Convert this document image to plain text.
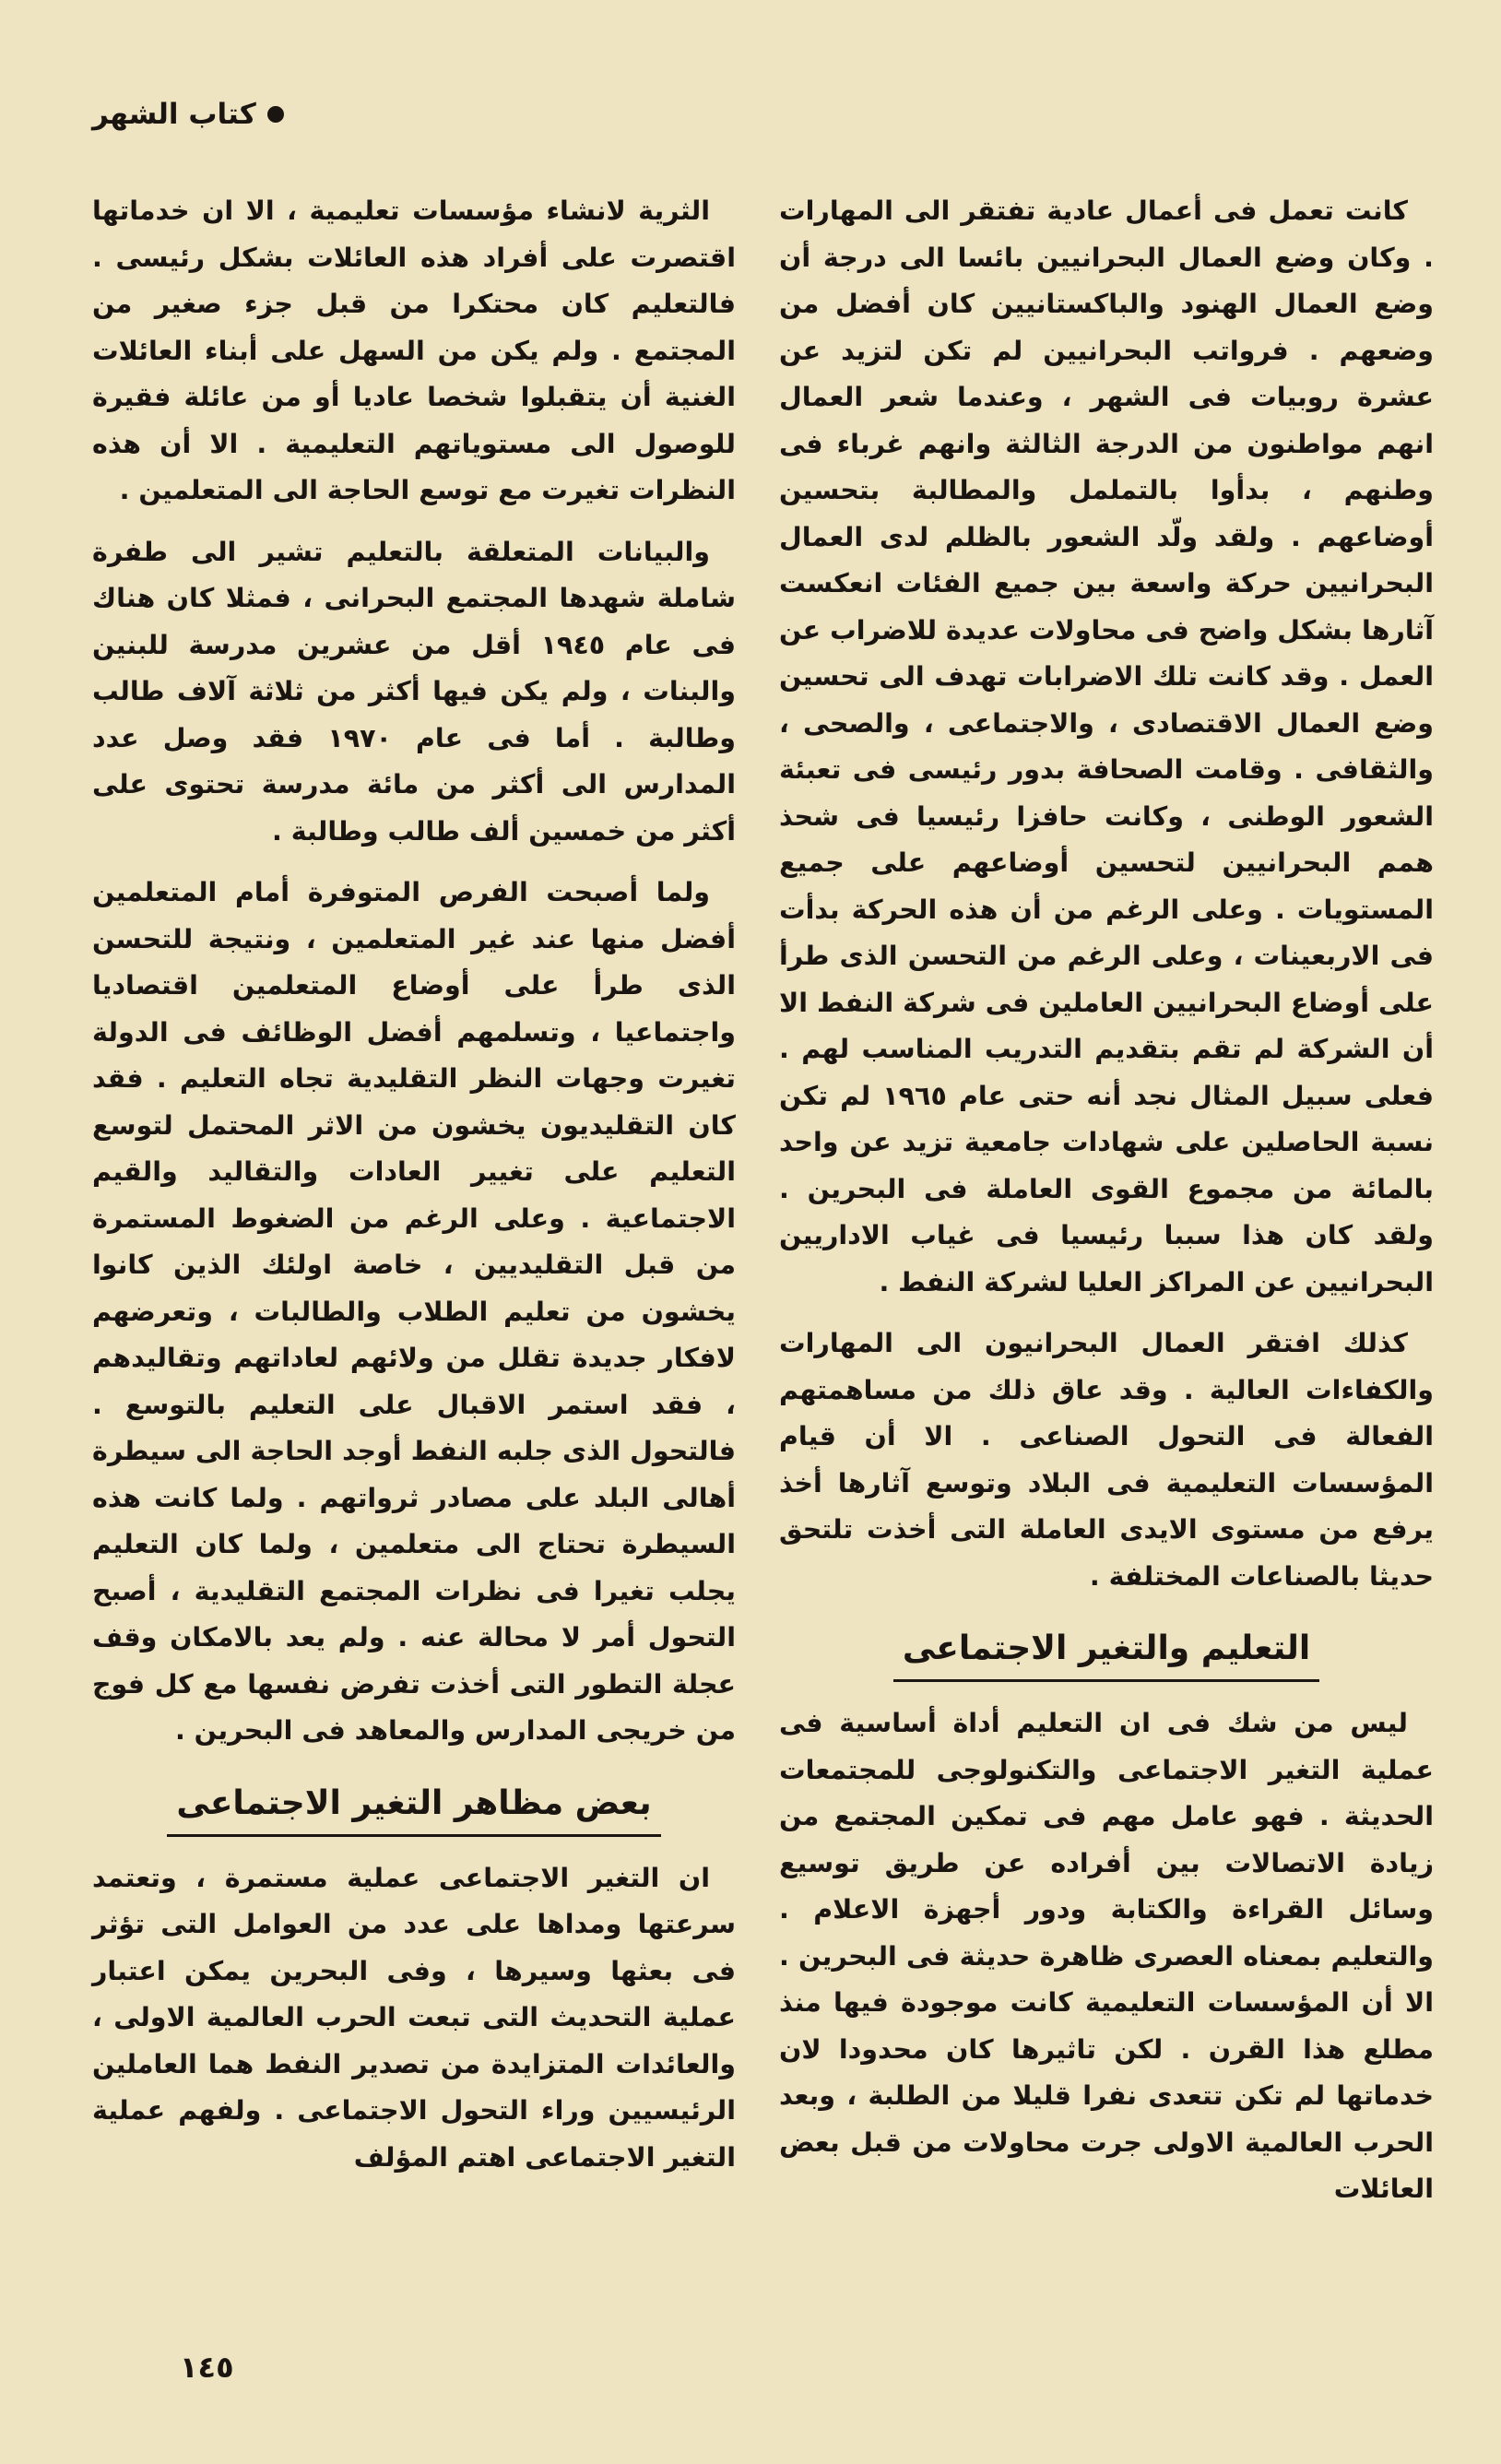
كتاب الشهر

كانت تعمل فى أعمال عادية تفتقر الى المهارات . وكان وضع العمال البحرانيين بائسا الى درجة أن وضع العمال الهنود والباكستانيين كان أفضل من وضعهم . فرواتب البحرانيين لم تكن لتزيد عن عشرة روبيات فى الشهر ، وعندما شعر العمال انهم مواطنون من الدرجة الثالثة وانهم غرباء فى وطنهم ، بدأوا بالتململ والمطالبة بتحسين أوضاعهم . ولقد ولّد الشعور بالظلم لدى العمال البحرانيين حركة واسعة بين جميع الفئات انعكست آثارها بشكل واضح فى محاولات عديدة للاضراب عن العمل . وقد كانت تلك الاضرابات تهدف الى تحسين وضع العمال الاقتصادى ، والاجتماعى ، والصحى ، والثقافى . وقامت الصحافة بدور رئيسى فى تعبئة الشعور الوطنى ، وكانت حافزا رئيسيا فى شحذ همم البحرانيين لتحسين أوضاعهم على جميع المستويات . وعلى الرغم من أن هذه الحركة بدأت فى الاربعينات ، وعلى الرغم من التحسن الذى طرأ على أوضاع البحرانيين العاملين فى شركة النفط الا أن الشركة لم تقم بتقديم التدريب المناسب لهم . فعلى سبيل المثال نجد أنه حتى عام ١٩٦٥ لم تكن نسبة الحاصلين على شهادات جامعية تزيد عن واحد بالمائة من مجموع القوى العاملة فى البحرين . ولقد كان هذا سببا رئيسيا فى غياب الاداريين البحرانيين عن المراكز العليا لشركة النفط .

كذلك افتقر العمال البحرانيون الى المهارات والكفاءات العالية . وقد عاق ذلك من مساهمتهم الفعالة فى التحول الصناعى . الا أن قيام المؤسسات التعليمية فى البلاد وتوسع آثارها أخذ يرفع من مستوى الايدى العاملة التى أخذت تلتحق حديثا بالصناعات المختلفة .

التعليم والتغير الاجتماعى

ليس من شك فى ان التعليم أداة أساسية فى عملية التغير الاجتماعى والتكنولوجى للمجتمعات الحديثة . فهو عامل مهم فى تمكين المجتمع من زيادة الاتصالات بين أفراده عن طريق توسيع وسائل القراءة والكتابة ودور أجهزة الاعلام . والتعليم بمعناه العصرى ظاهرة حديثة فى البحرين . الا أن المؤسسات التعليمية كانت موجودة فيها منذ مطلع هذا القرن . لكن تاثيرها كان محدودا لان خدماتها لم تكن تتعدى نفرا قليلا من الطلبة ، وبعد الحرب العالمية الاولى جرت محاولات من قبل بعض العائلات

الثرية لانشاء مؤسسات تعليمية ، الا ان خدماتها اقتصرت على أفراد هذه العائلات بشكل رئيسى . فالتعليم كان محتكرا من قبل جزء صغير من المجتمع . ولم يكن من السهل على أبناء العائلات الغنية أن يتقبلوا شخصا عاديا أو من عائلة فقيرة للوصول الى مستوياتهم التعليمية . الا أن هذه النظرات تغيرت مع توسع الحاجة الى المتعلمين .

والبيانات المتعلقة بالتعليم تشير الى طفرة شاملة شهدها المجتمع البحرانى ، فمثلا كان هناك فى عام ١٩٤٥ أقل من عشرين مدرسة للبنين والبنات ، ولم يكن فيها أكثر من ثلاثة آلاف طالب وطالبة . أما فى عام ١٩٧٠ فقد وصل عدد المدارس الى أكثر من مائة مدرسة تحتوى على أكثر من خمسين ألف طالب وطالبة .

ولما أصبحت الفرص المتوفرة أمام المتعلمين أفضل منها عند غير المتعلمين ، ونتيجة للتحسن الذى طرأ على أوضاع المتعلمين اقتصاديا واجتماعيا ، وتسلمهم أفضل الوظائف فى الدولة تغيرت وجهات النظر التقليدية تجاه التعليم . فقد كان التقليديون يخشون من الاثر المحتمل لتوسع التعليم على تغيير العادات والتقاليد والقيم الاجتماعية . وعلى الرغم من الضغوط المستمرة من قبل التقليديين ، خاصة اولئك الذين كانوا يخشون من تعليم الطلاب والطالبات ، وتعرضهم لافكار جديدة تقلل من ولائهم لعاداتهم وتقاليدهم ، فقد استمر الاقبال على التعليم بالتوسع . فالتحول الذى جلبه النفط أوجد الحاجة الى سيطرة أهالى البلد على مصادر ثرواتهم . ولما كانت هذه السيطرة تحتاج الى متعلمين ، ولما كان التعليم يجلب تغيرا فى نظرات المجتمع التقليدية ، أصبح التحول أمر لا محالة عنه . ولم يعد بالامكان وقف عجلة التطور التى أخذت تفرض نفسها مع كل فوج من خريجى المدارس والمعاهد فى البحرين .

بعض مظاهر التغير الاجتماعى

ان التغير الاجتماعى عملية مستمرة ، وتعتمد سرعتها ومداها على عدد من العوامل التى تؤثر فى بعثها وسيرها ، وفى البحرين يمكن اعتبار عملية التحديث التى تبعت الحرب العالمية الاولى ، والعائدات المتزايدة من تصدير النفط هما العاملين الرئيسيين وراء التحول الاجتماعى . ولفهم عملية التغير الاجتماعى اهتم المؤلف

١٤٥
